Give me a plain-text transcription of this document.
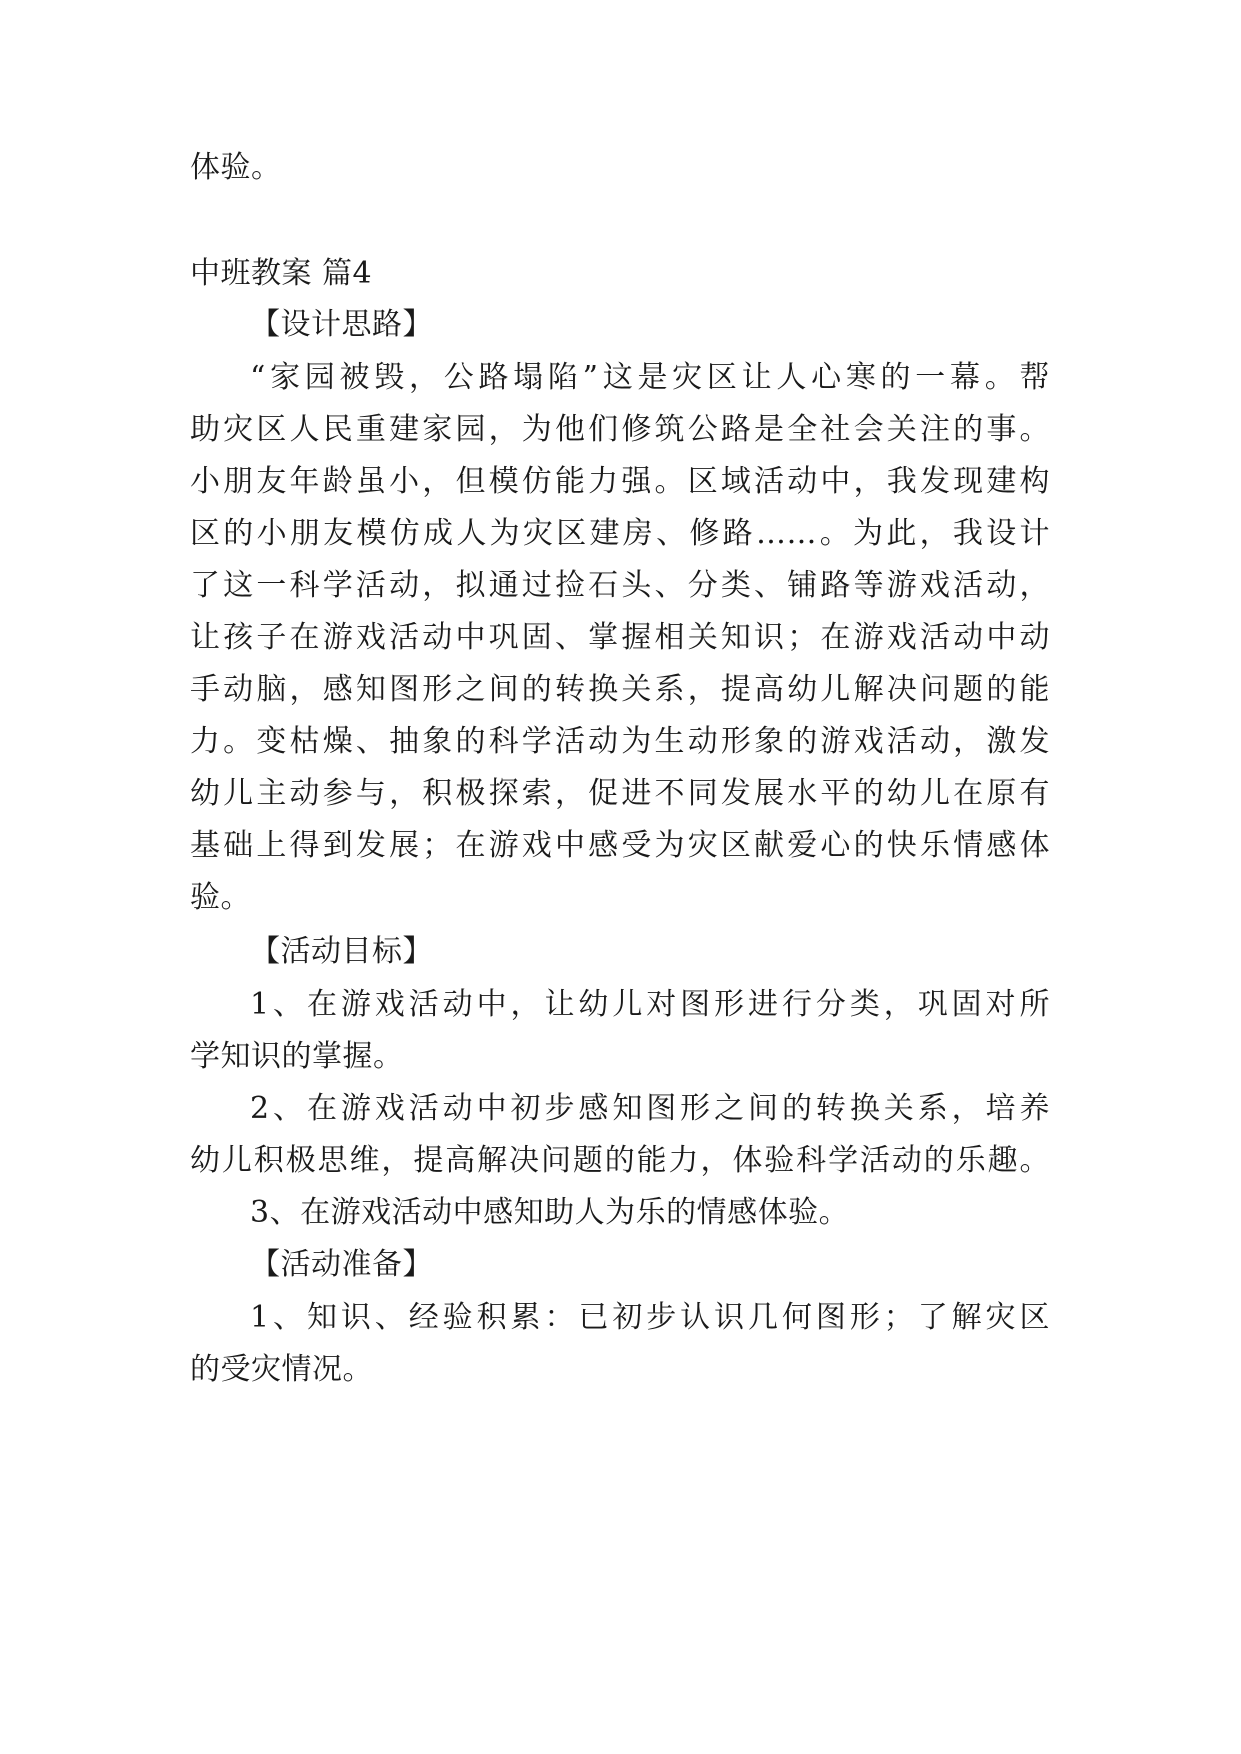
体验。
中班教案 篇4
【设计思路】
“家园被毁，公路塌陷”这是灾区让人心寒的一幕。帮
助灾区人民重建家园，为他们修筑公路是全社会关注的事。
小朋友年龄虽小，但模仿能力强。区域活动中，我发现建构
区的小朋友模仿成人为灾区建房、修路……。为此，我设计
了这一科学活动，拟通过捡石头、分类、铺路等游戏活动，
让孩子在游戏活动中巩固、掌握相关知识；在游戏活动中动
手动脑，感知图形之间的转换关系，提高幼儿解决问题的能
力。变枯燥、抽象的科学活动为生动形象的游戏活动，激发
幼儿主动参与，积极探索，促进不同发展水平的幼儿在原有
基础上得到发展；在游戏中感受为灾区献爱心的快乐情感体
验。
【活动目标】
1、在游戏活动中，让幼儿对图形进行分类，巩固对所
学知识的掌握。
2、在游戏活动中初步感知图形之间的转换关系，培养
幼儿积极思维，提高解决问题的能力，体验科学活动的乐趣。
3、在游戏活动中感知助人为乐的情感体验。
【活动准备】
1、知识、经验积累：已初步认识几何图形；了解灾区
的受灾情况。
